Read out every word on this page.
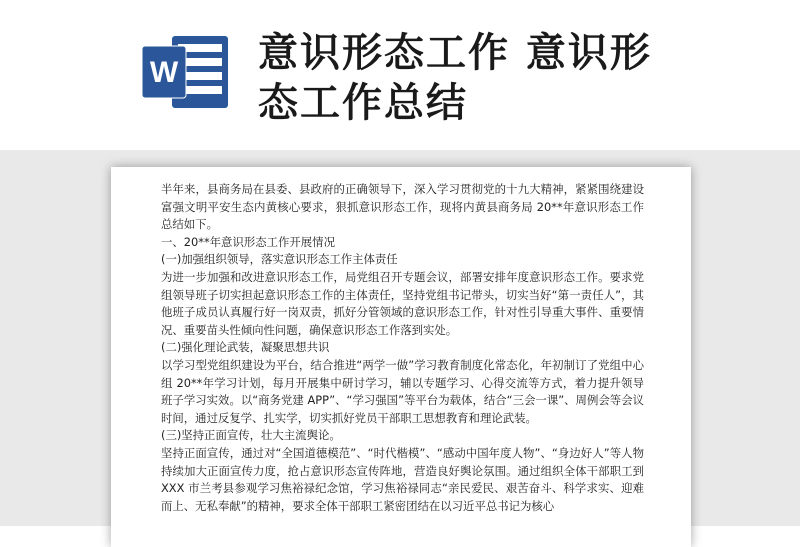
W 意识形态工作 意识形态工作总结

半年来，县商务局在县委、县政府的正确领导下，深入学习贯彻党的十九大精神，紧紧围绕建设富强文明平安生态内黄核心要求，狠抓意识形态工作，现将内黄县商务局 20**年意识形态工作总结如下。

一、20**年意识形态工作开展情况

(一)加强组织领导，落实意识形态工作主体责任

为进一步加强和改进意识形态工作，局党组召开专题会议，部署安排年度意识形态工作。要求党组领导班子切实担起意识形态工作的主体责任，坚持党组书记带头，切实当好“第一责任人”，其他班子成员认真履行好一岗双责，抓好分管领域的意识形态工作，针对性引导重大事件、重要情况、重要苗头性倾向性问题，确保意识形态工作落到实处。

(二)强化理论武装，凝聚思想共识

以学习型党组织建设为平台，结合推进“两学一做”学习教育制度化常态化，年初制订了党组中心组 20**年学习计划，每月开展集中研讨学习，辅以专题学习、心得交流等方式，着力提升领导班子学习实效。以“商务党建 APP”、“学习强国”等平台为载体，结合“三会一课”、周例会等会议时间，通过反复学、扎实学，切实抓好党员干部职工思想教育和理论武装。

(三)坚持正面宣传，壮大主流舆论。

坚持正面宣传，通过对“全国道德模范”、“时代楷模”、“感动中国年度人物”、“身边好人”等人物持续加大正面宣传力度，抢占意识形态宣传阵地，营造良好舆论氛围。通过组织全体干部职工到 XXX 市兰考县参观学习焦裕禄纪念馆，学习焦裕禄同志“亲民爱民、艰苦奋斗、科学求实、迎难而上、无私奉献”的精神，要求全体干部职工紧密团结在以习近平总书记为核心
